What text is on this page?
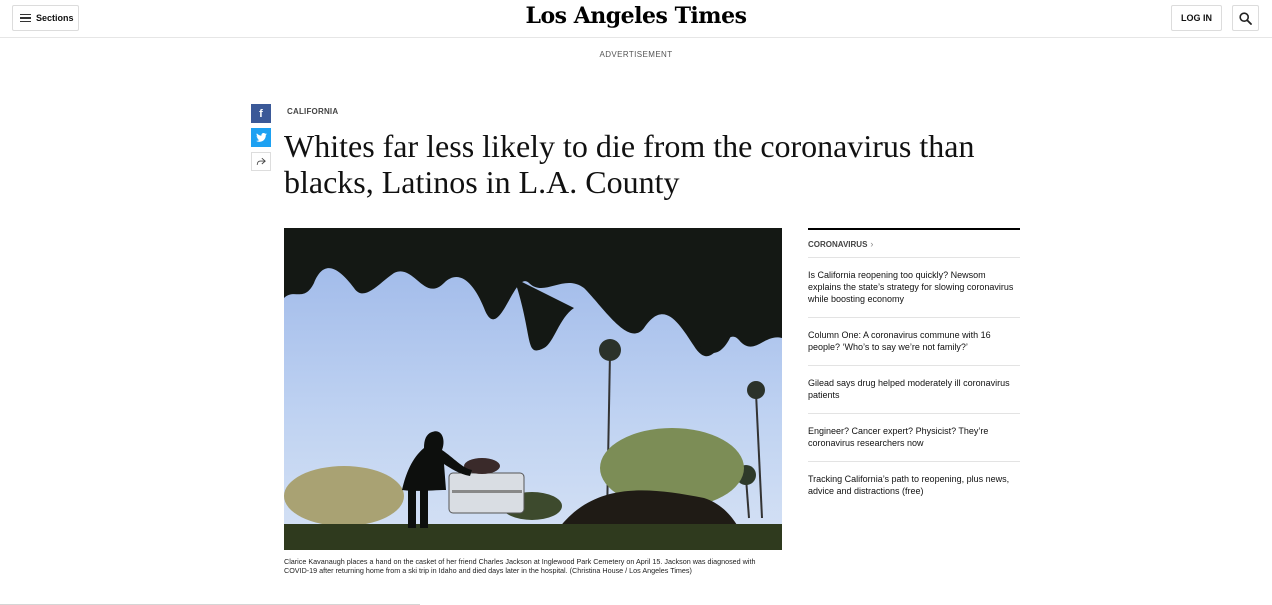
Sections	Los Angeles Times	LOG IN
ADVERTISEMENT
f	CALIFORNIA
Whites far less likely to die from the coronavirus than blacks, Latinos in L.A. County
Clarice Kavanaugh places a hand on the casket of her friend Charles Jackson at Inglewood Park Cemetery on April 15. Jackson was diagnosed with COVID-19 after returning home from a ski trip in Idaho and died days later in the hospital. (Christina House / Los Angeles Times)
CORONAVIRUS ›
Is California reopening too quickly? Newsom explains the state’s strategy for slowing coronavirus while boosting economy
Column One: A coronavirus commune with 16 people? ‘Who’s to say we’re not family?’
Gilead says drug helped moderately ill coronavirus patients
Engineer? Cancer expert? Physicist? They’re coronavirus researchers now
Tracking California’s path to reopening, plus news, advice and distractions (free)
